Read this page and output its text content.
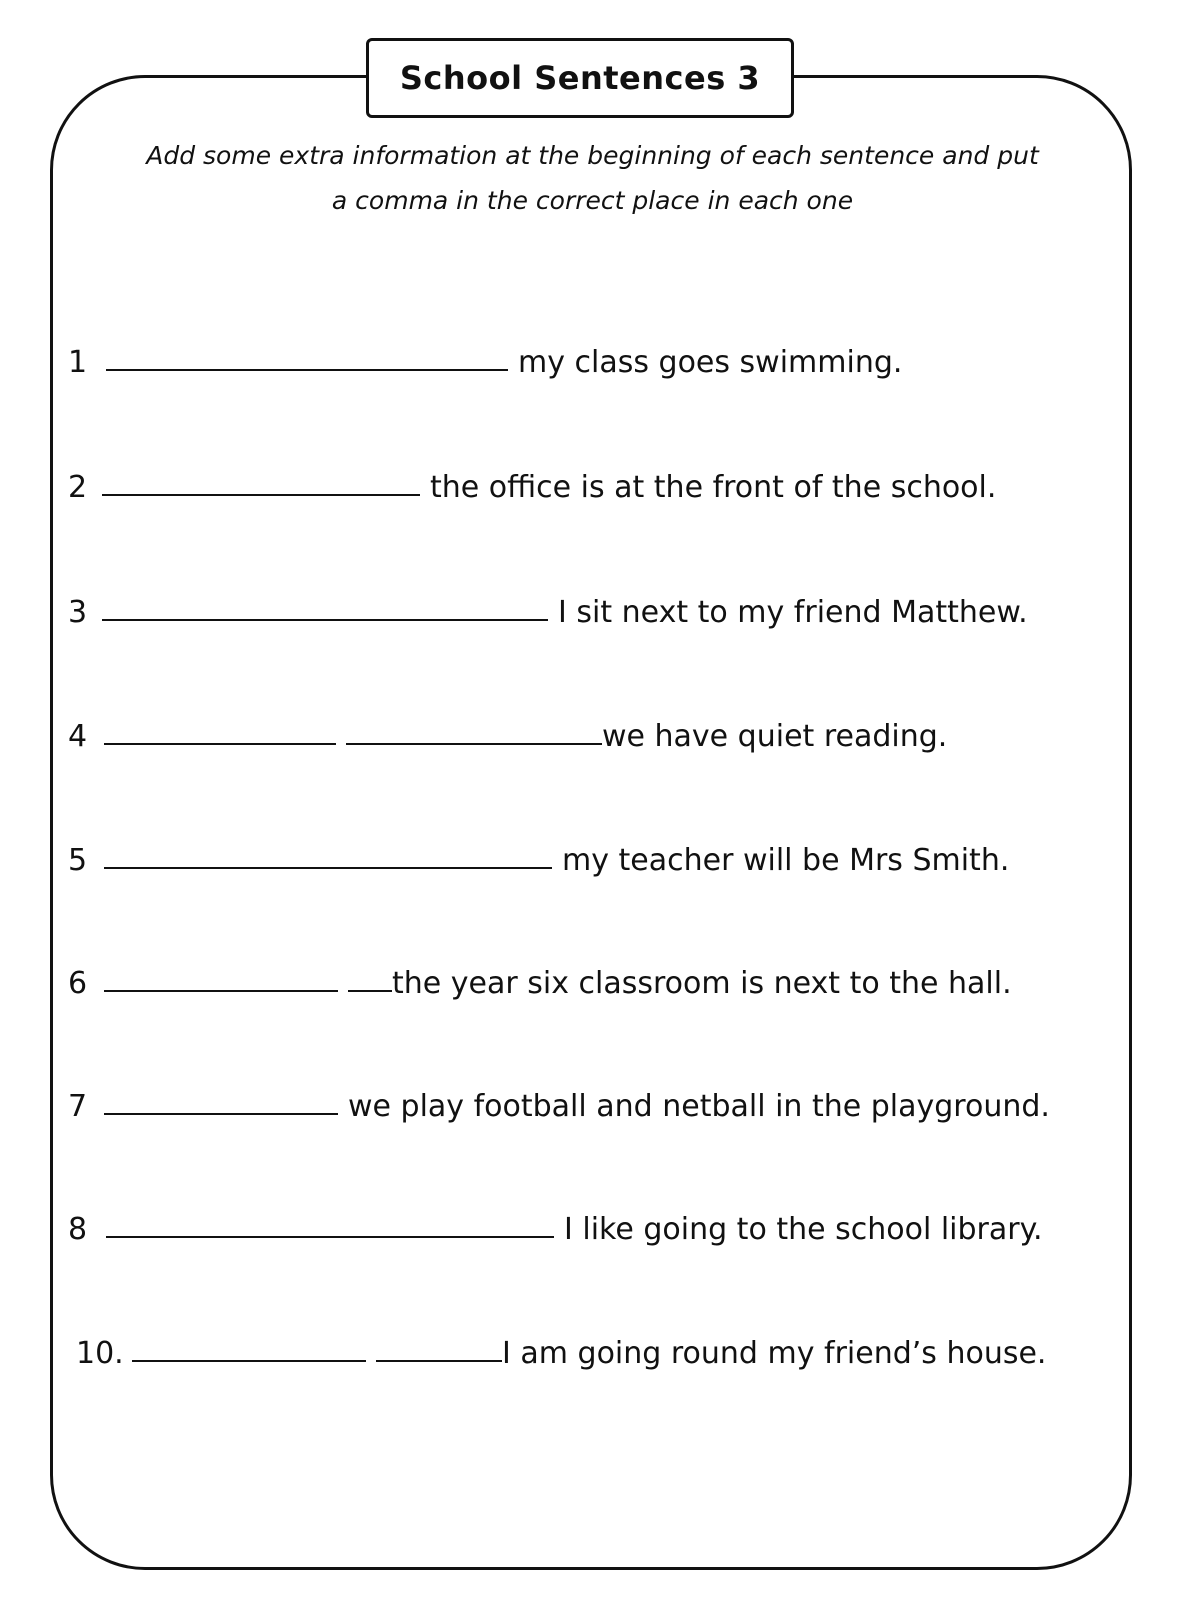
School Sentences 3
Add some extra information at the beginning of each sentence and put
a comma in the correct place in each one
1	my class goes swimming.
2	the office is at the front of the school.
3	I sit next to my friend Matthew.
4	we have quiet reading.
5	my teacher will be Mrs Smith.
6	the year six classroom is next to the hall.
7	we play football and netball in the playground.
8	I like going to the school library.
10.	I am going round my friend’s house.
